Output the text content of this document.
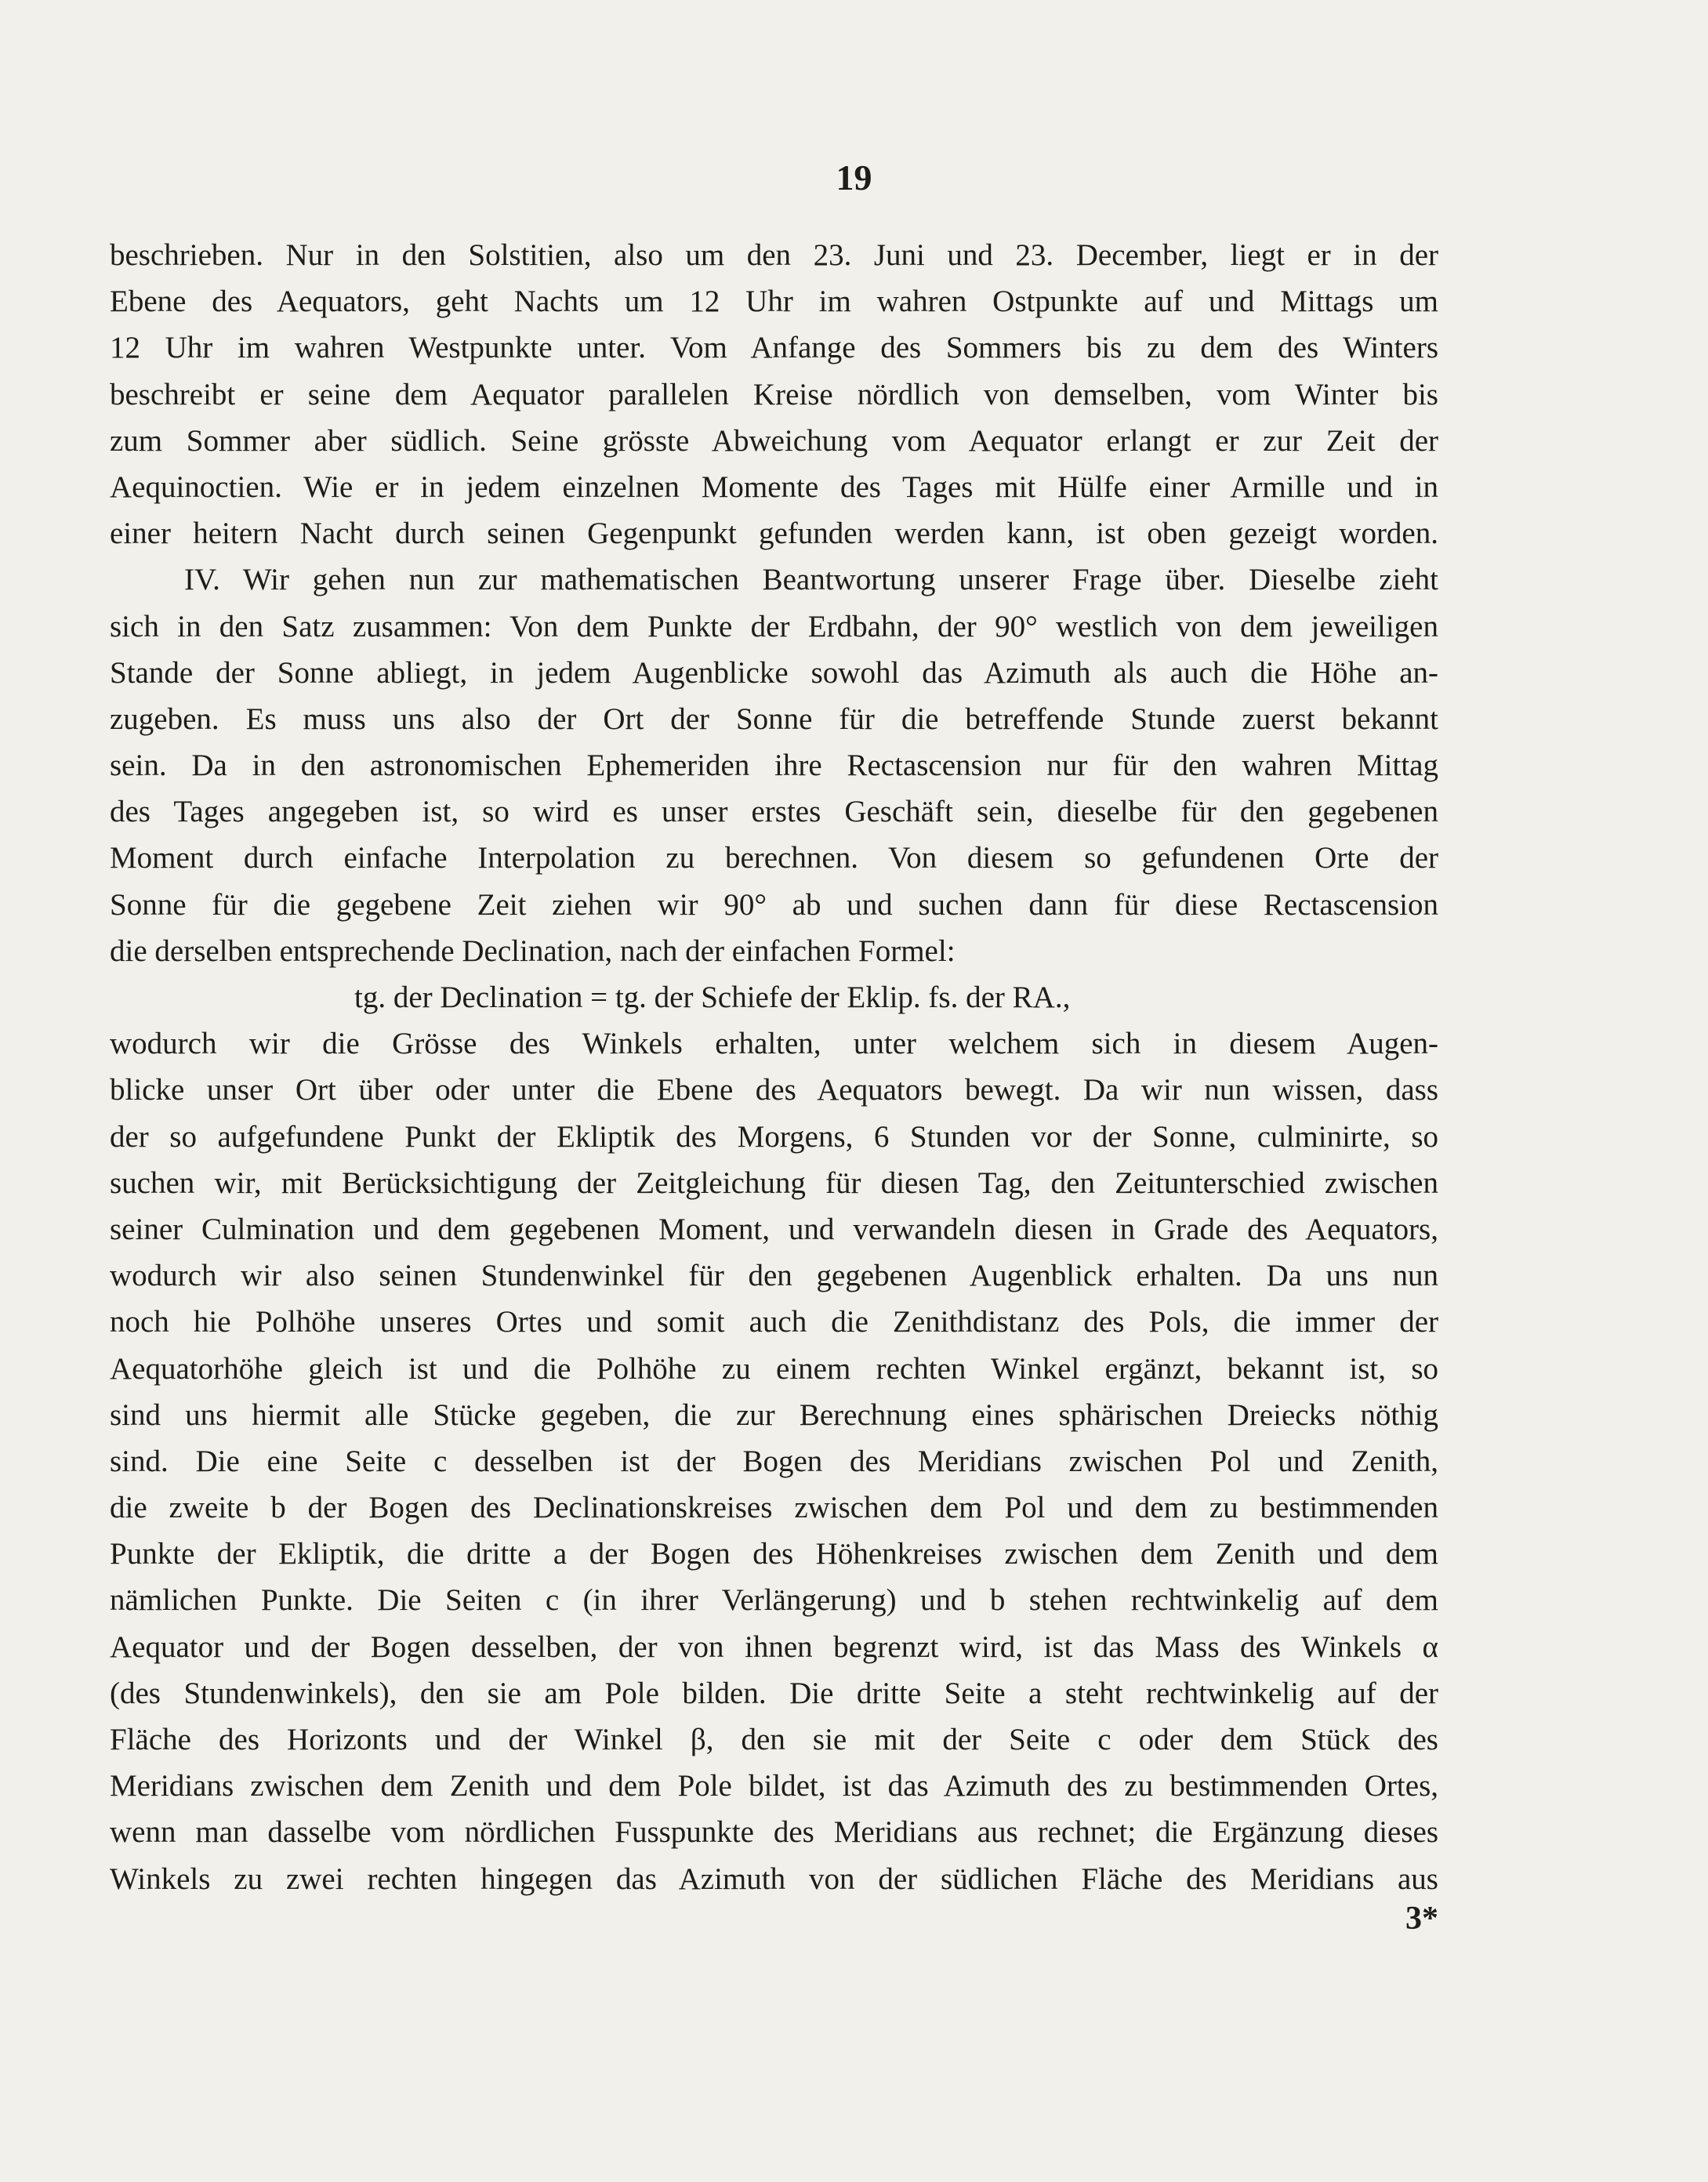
19
beschrieben. Nur in den Solstitien, also um den 23. Juni und 23. December, liegt er in der
Ebene des Aequators, geht Nachts um 12 Uhr im wahren Ostpunkte auf und Mittags um
12 Uhr im wahren Westpunkte unter. Vom Anfange des Sommers bis zu dem des Winters
beschreibt er seine dem Aequator parallelen Kreise nördlich von demselben, vom Winter bis
zum Sommer aber südlich. Seine grösste Abweichung vom Aequator erlangt er zur Zeit der
Aequinoctien. Wie er in jedem einzelnen Momente des Tages mit Hülfe einer Armille und in
einer heitern Nacht durch seinen Gegenpunkt gefunden werden kann, ist oben gezeigt worden.
IV. Wir gehen nun zur mathematischen Beantwortung unserer Frage über. Dieselbe zieht
sich in den Satz zusammen: Von dem Punkte der Erdbahn, der 90° westlich von dem jeweiligen
Stande der Sonne abliegt, in jedem Augenblicke sowohl das Azimuth als auch die Höhe an-
zugeben. Es muss uns also der Ort der Sonne für die betreffende Stunde zuerst bekannt
sein. Da in den astronomischen Ephemeriden ihre Rectascension nur für den wahren Mittag
des Tages angegeben ist, so wird es unser erstes Geschäft sein, dieselbe für den gegebenen
Moment durch einfache Interpolation zu berechnen. Von diesem so gefundenen Orte der
Sonne für die gegebene Zeit ziehen wir 90° ab und suchen dann für diese Rectascension
die derselben entsprechende Declination, nach der einfachen Formel:
tg. der Declination = tg. der Schiefe der Eklip. fs. der RA.,
wodurch wir die Grösse des Winkels erhalten, unter welchem sich in diesem Augen-
blicke unser Ort über oder unter die Ebene des Aequators bewegt. Da wir nun wissen, dass
der so aufgefundene Punkt der Ekliptik des Morgens, 6 Stunden vor der Sonne, culminirte, so
suchen wir, mit Berücksichtigung der Zeitgleichung für diesen Tag, den Zeitunterschied zwischen
seiner Culmination und dem gegebenen Moment, und verwandeln diesen in Grade des Aequators,
wodurch wir also seinen Stundenwinkel für den gegebenen Augenblick erhalten. Da uns nun
noch hie Polhöhe unseres Ortes und somit auch die Zenithdistanz des Pols, die immer der
Aequatorhöhe gleich ist und die Polhöhe zu einem rechten Winkel ergänzt, bekannt ist, so
sind uns hiermit alle Stücke gegeben, die zur Berechnung eines sphärischen Dreiecks nöthig
sind. Die eine Seite c desselben ist der Bogen des Meridians zwischen Pol und Zenith,
die zweite b der Bogen des Declinationskreises zwischen dem Pol und dem zu bestimmenden
Punkte der Ekliptik, die dritte a der Bogen des Höhenkreises zwischen dem Zenith und dem
nämlichen Punkte. Die Seiten c (in ihrer Verlängerung) und b stehen rechtwinkelig auf dem
Aequator und der Bogen desselben, der von ihnen begrenzt wird, ist das Mass des Winkels α
(des Stundenwinkels), den sie am Pole bilden. Die dritte Seite a steht rechtwinkelig auf der
Fläche des Horizonts und der Winkel β, den sie mit der Seite c oder dem Stück des
Meridians zwischen dem Zenith und dem Pole bildet, ist das Azimuth des zu bestimmenden Ortes,
wenn man dasselbe vom nördlichen Fusspunkte des Meridians aus rechnet; die Ergänzung dieses
Winkels zu zwei rechten hingegen das Azimuth von der südlichen Fläche des Meridians aus
3*
